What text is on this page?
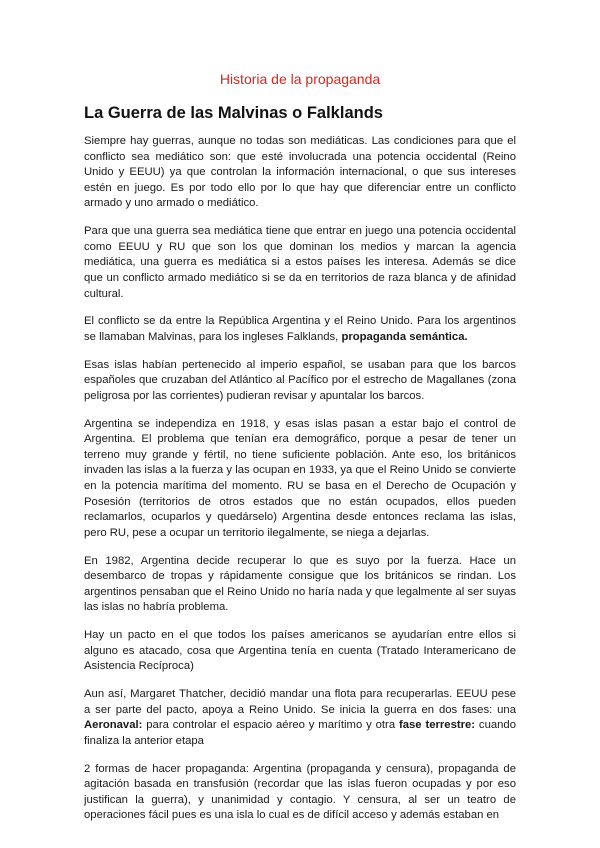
Historia de la propaganda
La Guerra de las Malvinas o Falklands

Siempre hay guerras, aunque no todas son mediáticas. Las condiciones para que el conflicto sea mediático son: que esté involucrada una potencia occidental (Reino Unido y EEUU) ya que controlan la información internacional, o que sus intereses estén en juego. Es por todo ello por lo que hay que diferenciar entre un conflicto armado y uno armado o mediático.

Para que una guerra sea mediática tiene que entrar en juego una potencia occidental como EEUU y RU que son los que dominan los medios y marcan la agencia mediática, una guerra es mediática si a estos países les interesa. Además se dice que un conflicto armado mediático si se da en territorios de raza blanca y de afinidad cultural.

El conflicto se da entre la República Argentina y el Reino Unido. Para los argentinos se llamaban Malvinas, para los ingleses Falklands, propaganda semántica.

Esas islas habían pertenecido al imperio español, se usaban para que los barcos españoles que cruzaban del Atlántico al Pacífico por el estrecho de Magallanes (zona peligrosa por las corrientes) pudieran revisar y apuntalar los barcos.

Argentina se independiza en 1918, y esas islas pasan a estar bajo el control de Argentina. El problema que tenían era demográfico, porque a pesar de tener un terreno muy grande y fértil, no tiene suficiente población. Ante eso, los británicos invaden las islas a la fuerza y las ocupan en 1933, ya que el Reino Unido se convierte en la potencia marítima del momento. RU se basa en el Derecho de Ocupación y Posesión (territorios de otros estados que no están ocupados, ellos pueden reclamarlos, ocuparlos y quedárselo) Argentina desde entonces reclama las islas, pero RU, pese a ocupar un territorio ilegalmente, se niega a dejarlas.

En 1982, Argentina decide recuperar lo que es suyo por la fuerza. Hace un desembarco de tropas y rápidamente consigue que los británicos se rindan. Los argentinos pensaban que el Reino Unido no haría nada y que legalmente al ser suyas las islas no habría problema.

Hay un pacto en el que todos los países americanos se ayudarían entre ellos si alguno es atacado, cosa que Argentina tenía en cuenta (Tratado Interamericano de Asistencia Recíproca)

Aun así, Margaret Thatcher, decidió mandar una flota para recuperarlas. EEUU pese a ser parte del pacto, apoya a Reino Unido. Se inicia la guerra en dos fases: una Aeronaval: para controlar el espacio aéreo y marítimo y otra fase terrestre: cuando finaliza la anterior etapa

2 formas de hacer propaganda: Argentina (propaganda y censura), propaganda de agitación basada en transfusión (recordar que las islas fueron ocupadas y por eso justifican la guerra), y unanimidad y contagio. Y censura, al ser un teatro de operaciones fácil pues es una isla lo cual es de difícil acceso y además estaban en
